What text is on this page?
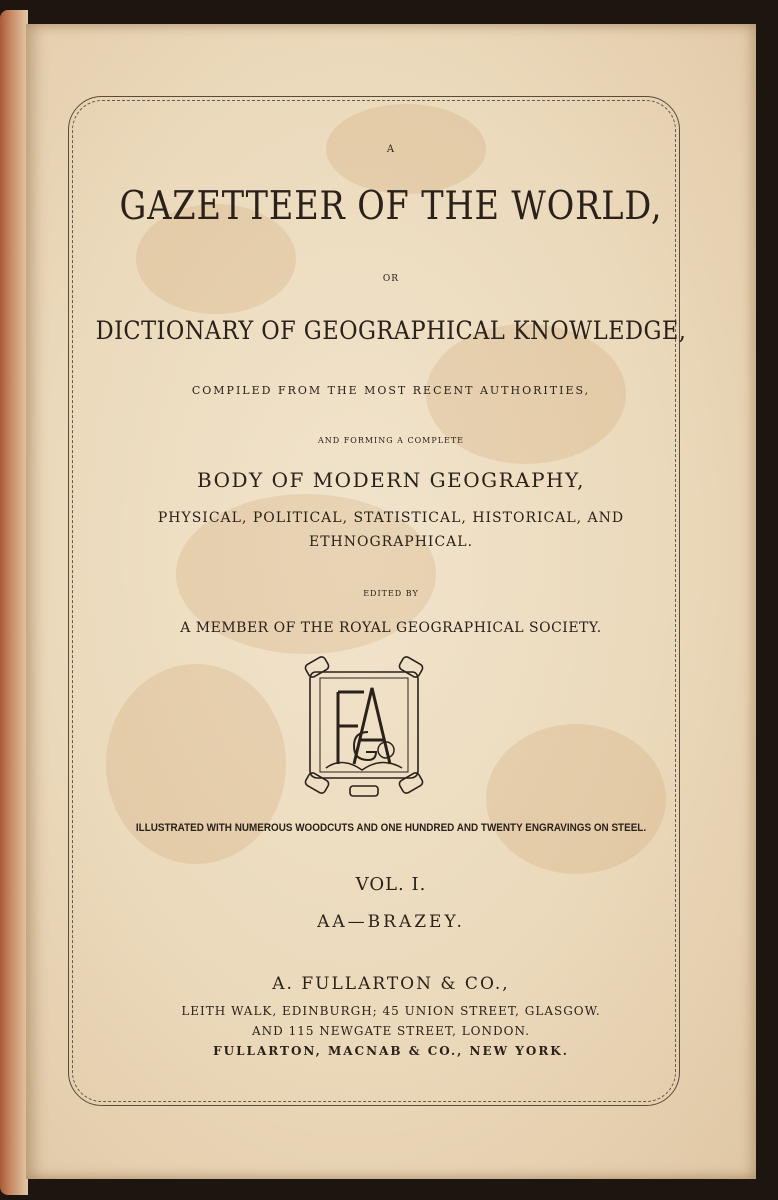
A
GAZETTEER OF THE WORLD,
OR
DICTIONARY OF GEOGRAPHICAL KNOWLEDGE,
COMPILED FROM THE MOST RECENT AUTHORITIES,
AND FORMING A COMPLETE
BODY OF MODERN GEOGRAPHY,
PHYSICAL, POLITICAL, STATISTICAL, HISTORICAL, AND
ETHNOGRAPHICAL.
EDITED BY
A MEMBER OF THE ROYAL GEOGRAPHICAL SOCIETY.
ILLUSTRATED WITH NUMEROUS WOODCUTS AND ONE HUNDRED AND TWENTY ENGRAVINGS ON STEEL.
VOL. I.
AA—BRAZEY.
A. FULLARTON & CO.,
LEITH WALK, EDINBURGH; 45 UNION STREET, GLASGOW.
AND 115 NEWGATE STREET, LONDON.
FULLARTON, MACNAB & CO., NEW YORK.
